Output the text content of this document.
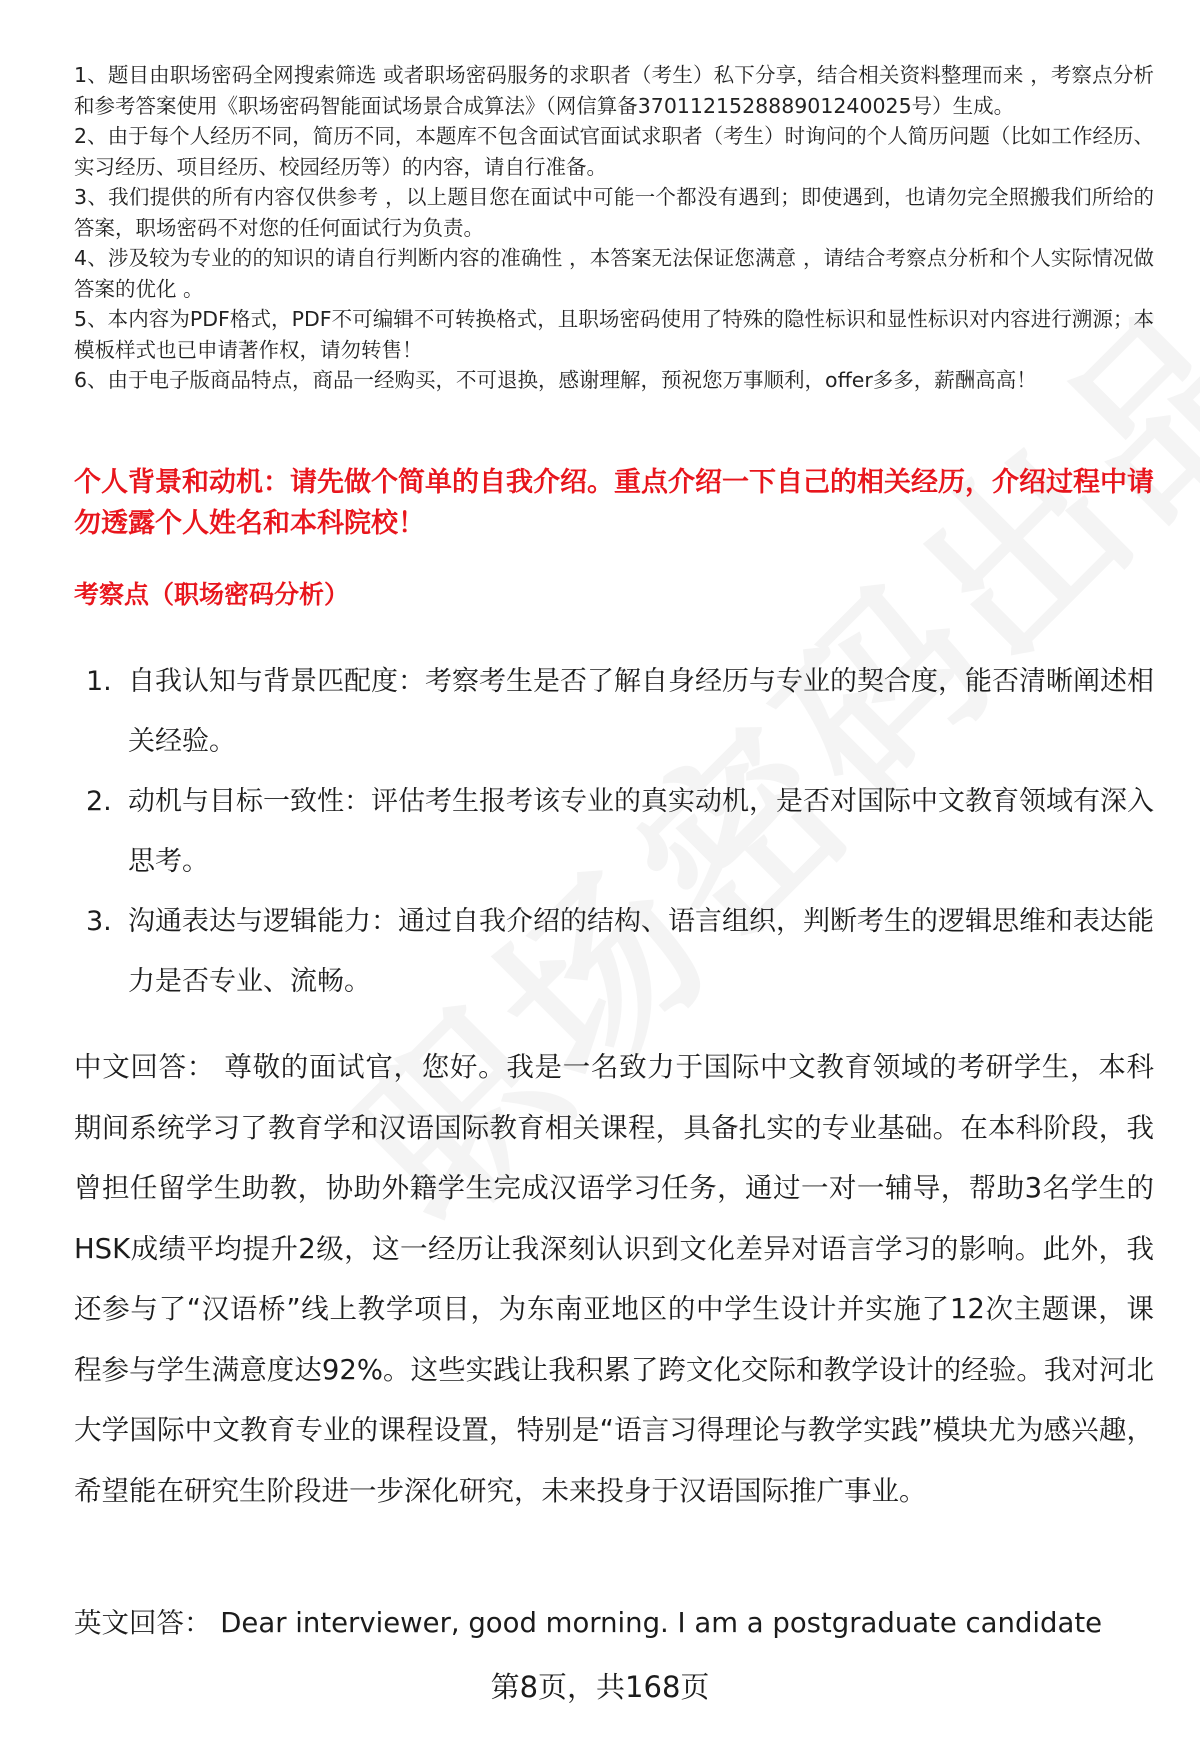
1、题目由职场密码全网搜索筛选 或者职场密码服务的求职者（考生）私下分享，结合相关资料整理而来 ，考察点分析和参考答案使用《职场密码智能面试场景合成算法》（网信算备370112152888901240025号）生成。

2、由于每个人经历不同，简历不同，本题库不包含面试官面试求职者（考生）时询问的个人简历问题（比如工作经历、实习经历、项目经历、校园经历等）的内容，请自行准备。

3、我们提供的所有内容仅供参考 ，以上题目您在面试中可能一个都没有遇到；即使遇到，也请勿完全照搬我们所给的答案，职场密码不对您的任何面试行为负责。

4、涉及较为专业的的知识的请自行判断内容的准确性 ，本答案无法保证您满意 ，请结合考察点分析和个人实际情况做答案的优化 。

5、本内容为PDF格式，PDF不可编辑不可转换格式，且职场密码使用了特殊的隐性标识和显性标识对内容进行溯源；本模板样式也已申请著作权，请勿转售！

6、由于电子版商品特点，商品一经购买，不可退换，感谢理解，预祝您万事顺利，offer多多，薪酬高高！

个人背景和动机：请先做个简单的自我介绍。重点介绍一下自己的相关经历，介绍过程中请勿透露个人姓名和本科院校！

考察点（职场密码分析）

1. 自我认知与背景匹配度：考察考生是否了解自身经历与专业的契合度，能否清晰阐述相关经验。
2. 动机与目标一致性：评估考生报考该专业的真实动机，是否对国际中文教育领域有深入思考。
3. 沟通表达与逻辑能力：通过自我介绍的结构、语言组织，判断考生的逻辑思维和表达能力是否专业、流畅。

中文回答： 尊敬的面试官，您好。我是一名致力于国际中文教育领域的考研学生，本科期间系统学习了教育学和汉语国际教育相关课程，具备扎实的专业基础。在本科阶段，我曾担任留学生助教，协助外籍学生完成汉语学习任务，通过一对一辅导，帮助3名学生的HSK成绩平均提升2级，这一经历让我深刻认识到文化差异对语言学习的影响。此外，我还参与了“汉语桥”线上教学项目，为东南亚地区的中学生设计并实施了12次主题课，课程参与学生满意度达92%。这些实践让我积累了跨文化交际和教学设计的经验。我对河北大学国际中文教育专业的课程设置，特别是“语言习得理论与教学实践”模块尤为感兴趣，希望能在研究生阶段进一步深化研究，未来投身于汉语国际推广事业。

英文回答： Dear interviewer, good morning. I am a postgraduate candidate

第8页，共168页
